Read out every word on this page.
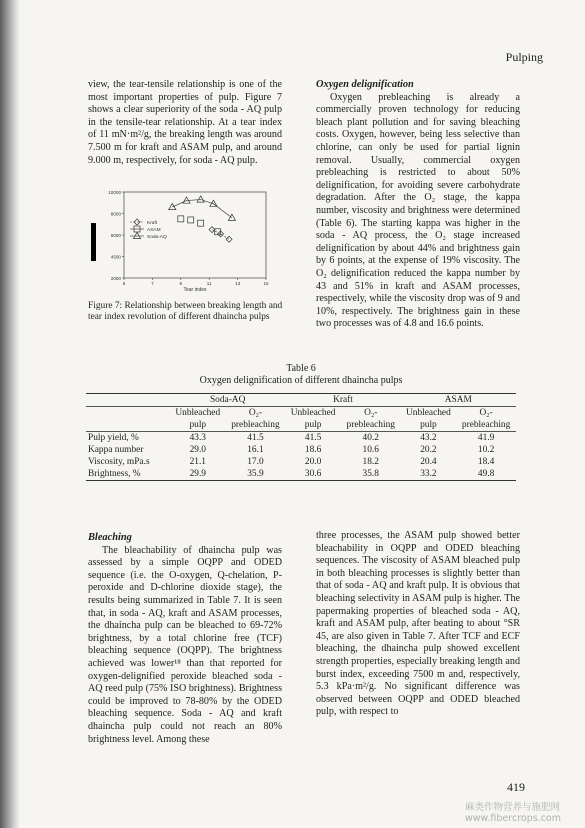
Pulping

view, the tear-tensile relationship is one of the most important properties of pulp. Figure 7 shows a clear superiority of the soda - AQ pulp in the tensile-tear relationship. At a tear index of 11 mN·m²/g, the breaking length was around 7.500 m for kraft and ASAM pulp, and around 9.000 m, respectively, for soda - AQ pulp.

10000
8000
6000
4500
2000
5	7	9	11	13	15
Tear index
Kraft
ASAM
Soda-AQ
Figure 7: Relationship between breaking length and tear index revolution of different dhaincha pulps

Oxygen delignification

Oxygen prebleaching is already a commercially proven technology for reducing bleach plant pollution and for saving bleaching costs. Oxygen, however, being less selective than chlorine, can only be used for partial lignin removal. Usually, commercial oxygen prebleaching is restricted to about 50% delignification, for avoiding severe carbohydrate degradation. After the O₂ stage, the kappa number, viscosity and brightness were determined (Table 6). The starting kappa was higher in the soda - AQ process, the O₂ stage increased delignification by about 44% and brightness gain by 6 points, at the expense of 19% viscosity. The O₂ delignification reduced the kappa number by 43 and 51% in kraft and ASAM processes, respectively, while the viscosity drop was of 9 and 10%, respectively. The brightness gain in these two processes was of 4.8 and 16.6 points.

Table 6
Oxygen delignification of different dhaincha pulps
	Soda-AQ		Kraft		ASAM	
	Unbleached	O₂-	Unbleached	O₂-	Unbleached	O₂-
	pulp	prebleaching	pulp	prebleaching	pulp	prebleaching
Pulp yield, %	43.3	41.5	41.5	40.2	43.2	41.9
Kappa number	29.0	16.1	18.6	10.6	20.2	10.2
Viscosity, mPa.s	21.1	17.0	20.0	18.2	20.4	18.4
Brightness, %	29.9	35.9	30.6	35.8	33.2	49.8

Bleaching

The bleachability of dhaincha pulp was assessed by a simple OQPP and ODED sequence (i.e. the O-oxygen, Q-chelation, P-peroxide and D-chlorine dioxide stage), the results being summarized in Table 7. It is seen that, in soda - AQ, kraft and ASAM processes, the dhaincha pulp can be bleached to 69-72% brightness, by a total chlorine free (TCF) bleaching sequence (OQPP). The brightness achieved was lower¹⁸ than that reported for oxygen-delignified peroxide bleached soda - AQ reed pulp (75% ISO brightness). Brightness could be improved to 78-80% by the ODED bleaching sequence. Soda - AQ and kraft dhaincha pulp could not reach an 80% brightness level. Among these

three processes, the ASAM pulp showed better bleachability in OQPP and ODED bleaching sequences. The viscosity of ASAM bleached pulp in both bleaching processes is slightly better than that of soda - AQ and kraft pulp. It is obvious that bleaching selectivity in ASAM pulp is higher. The papermaking properties of bleached soda - AQ, kraft and ASAM pulp, after beating to about °SR 45, are also given in Table 7. After TCF and ECF bleaching, the dhaincha pulp showed excellent strength properties, especially breaking length and burst index, exceeding 7500 m and, respectively, 5.3 kPa·m²/g. No significant difference was observed between OQPP and ODED bleached pulp, with respect to

419
麻类作物营养与施肥网
www.fibercrops.com
